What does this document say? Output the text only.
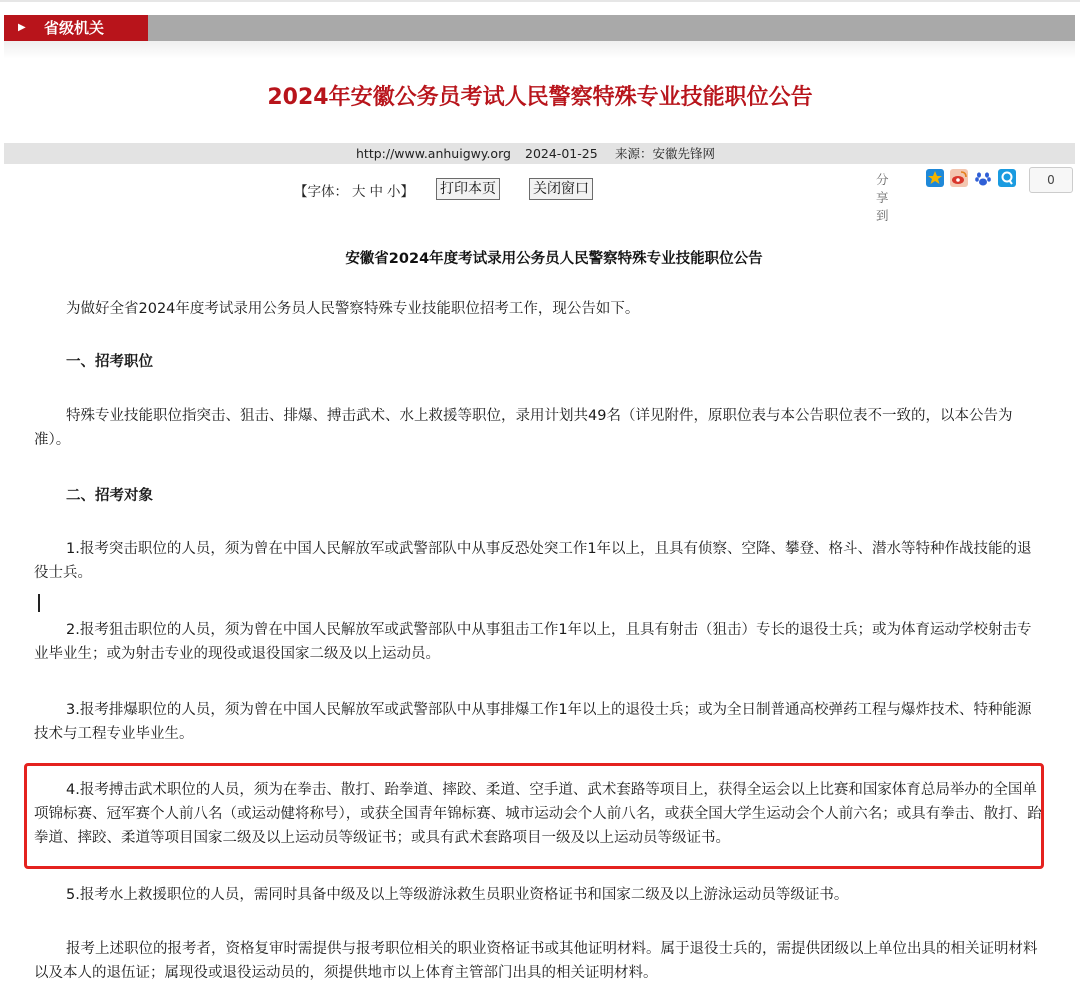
▶ 省级机关
2024年安徽公务员考试人民警察特殊专业技能职位公告
http://www.anhuigwy.org 2024-01-25 来源：安徽先锋网
【字体： 大 中 小】 打印本页	关闭窗口
分享到
0
安徽省2024年度考试录用公务员人民警察特殊专业技能职位公告
为做好全省2024年度考试录用公务员人民警察特殊专业技能职位招考工作，现公告如下。
一、招考职位
特殊专业技能职位指突击、狙击、排爆、搏击武术、水上救援等职位，录用计划共49名（详见附件，原职位表与本公告职位表不一致的，以本公告为准）。
二、招考对象
1.报考突击职位的人员，须为曾在中国人民解放军或武警部队中从事反恐处突工作1年以上，且具有侦察、空降、攀登、格斗、潜水等特种作战技能的退役士兵。
2.报考狙击职位的人员，须为曾在中国人民解放军或武警部队中从事狙击工作1年以上，且具有射击（狙击）专长的退役士兵；或为体育运动学校射击专业毕业生；或为射击专业的现役或退役国家二级及以上运动员。
3.报考排爆职位的人员，须为曾在中国人民解放军或武警部队中从事排爆工作1年以上的退役士兵；或为全日制普通高校弹药工程与爆炸技术、特种能源技术与工程专业毕业生。
4.报考搏击武术职位的人员，须为在拳击、散打、跆拳道、摔跤、柔道、空手道、武术套路等项目上，获得全运会以上比赛和国家体育总局举办的全国单项锦标赛、冠军赛个人前八名（或运动健将称号），或获全国青年锦标赛、城市运动会个人前八名，或获全国大学生运动会个人前六名；或具有拳击、散打、跆拳道、摔跤、柔道等项目国家二级及以上运动员等级证书；或具有武术套路项目一级及以上运动员等级证书。
5.报考水上救援职位的人员，需同时具备中级及以上等级游泳救生员职业资格证书和国家二级及以上游泳运动员等级证书。
报考上述职位的报考者，资格复审时需提供与报考职位相关的职业资格证书或其他证明材料。属于退役士兵的，需提供团级以上单位出具的相关证明材料以及本人的退伍证；属现役或退役运动员的，须提供地市以上体育主管部门出具的相关证明材料。
